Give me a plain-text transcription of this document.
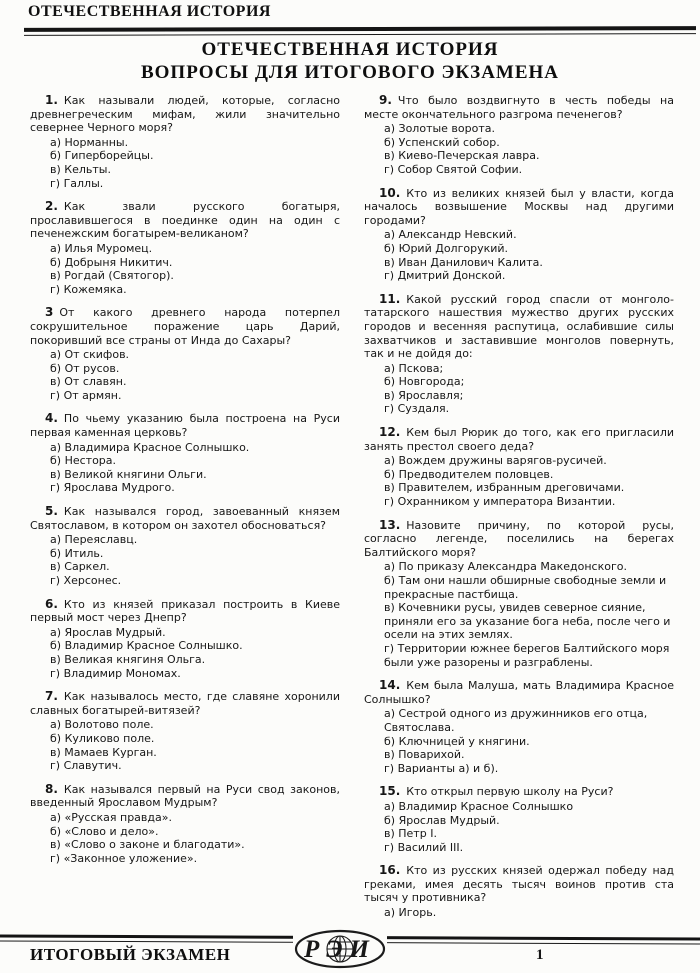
ОТЕЧЕСТВЕННАЯ ИСТОРИЯ
ОТЕЧЕСТВЕННАЯ ИСТОРИЯ
ВОПРОСЫ ДЛЯ ИТОГОВОГО ЭКЗАМЕНА

1. Как называли людей, которые, согласно древнегреческим мифам, жили значительно севернее Черного моря?

а) Норманны.
б) Гиперборейцы.
в) Кельты.
г) Галлы.

2. Как звали русского богатыря, прославившегося в поединке один на один с печенежским богатырем-великаном?

а) Илья Муромец.
б) Добрыня Никитич.
в) Рогдай (Святогор).
г) Кожемяка.

3 От какого древнего народа потерпел сокрушительное поражение царь Дарий, покоривший все страны от Инда до Сахары?

а) От скифов.
б) От русов.
в) От славян.
г) От армян.

4. По чьему указанию была построена на Руси первая каменная церковь?

а) Владимира Красное Солнышко.
б) Нестора.
в) Великой княгини Ольги.
г) Ярослава Мудрого.

5. Как назывался город, завоеванный князем Святославом, в котором он захотел обосноваться?

а) Переяславц.
б) Итиль.
в) Саркел.
г) Херсонес.

6. Кто из князей приказал построить в Киеве первый мост через Днепр?

а) Ярослав Мудрый.
б) Владимир Красное Солнышко.
в) Великая княгиня Ольга.
г) Владимир Мономах.

7. Как называлось место, где славяне хоронили славных богатырей-витязей?

а) Волотово поле.
б) Куликово поле.
в) Мамаев Курган.
г) Славутич.

8. Как назывался первый на Руси свод законов, введенный Ярославом Мудрым?

а) «Русская правда».
б) «Слово и дело».
в) «Слово о законе и благодати».
г) «Законное уложение».

9. Что было воздвигнуто в честь победы на месте окончательного разгрома печенегов?

а) Золотые ворота.
б) Успенский собор.
в) Киево-Печерская лавра.
г) Собор Святой Софии.

10. Кто из великих князей был у власти, когда началось возвышение Москвы над другими городами?

а) Александр Невский.
б) Юрий Долгорукий.
в) Иван Данилович Калита.
г) Дмитрий Донской.

11. Какой русский город спасли от монголо-татарского нашествия мужество других русских городов и весенняя распутица, ослабившие силы захватчиков и заставившие монголов повернуть, так и не дойдя до:

а) Пскова;
б) Новгорода;
в) Ярославля;
г) Суздаля.

12. Кем был Рюрик до того, как его пригласили занять престол своего деда?

а) Вождем дружины варягов-русичей.
б) Предводителем половцев.
в) Правителем, избранным дреговичами.
г) Охранником у императора Византии.

13. Назовите причину, по которой русы, согласно легенде, поселились на берегах Балтийского моря?

а) По приказу Александра Македонского.
б) Там они нашли обширные свободные земли и прекрасные пастбища.
в) Кочевники русы, увидев северное сияние, приняли его за указание бога неба, после чего и осели на этих землях.
г) Территории южнее берегов Балтийского моря были уже разорены и разграблены.

14. Кем была Малуша, мать Владимира Красное Солнышко?

а) Сестрой одного из дружинников его отца, Святослава.
б) Ключницей у княгини.
в) Поварихой.
г) Варианты а) и б).

15. Кто открыл первую школу на Руси?

а) Владимир Красное Солнышко
б) Ярослав Мудрый.
в) Петр I.
г) Василий III.

16. Кто из русских князей одержал победу над греками, имея десять тысяч воинов против ста тысяч у противника?

а) Игорь.
ИТОГОВЫЙ ЭКЗАМЕН	РЭИ	1
